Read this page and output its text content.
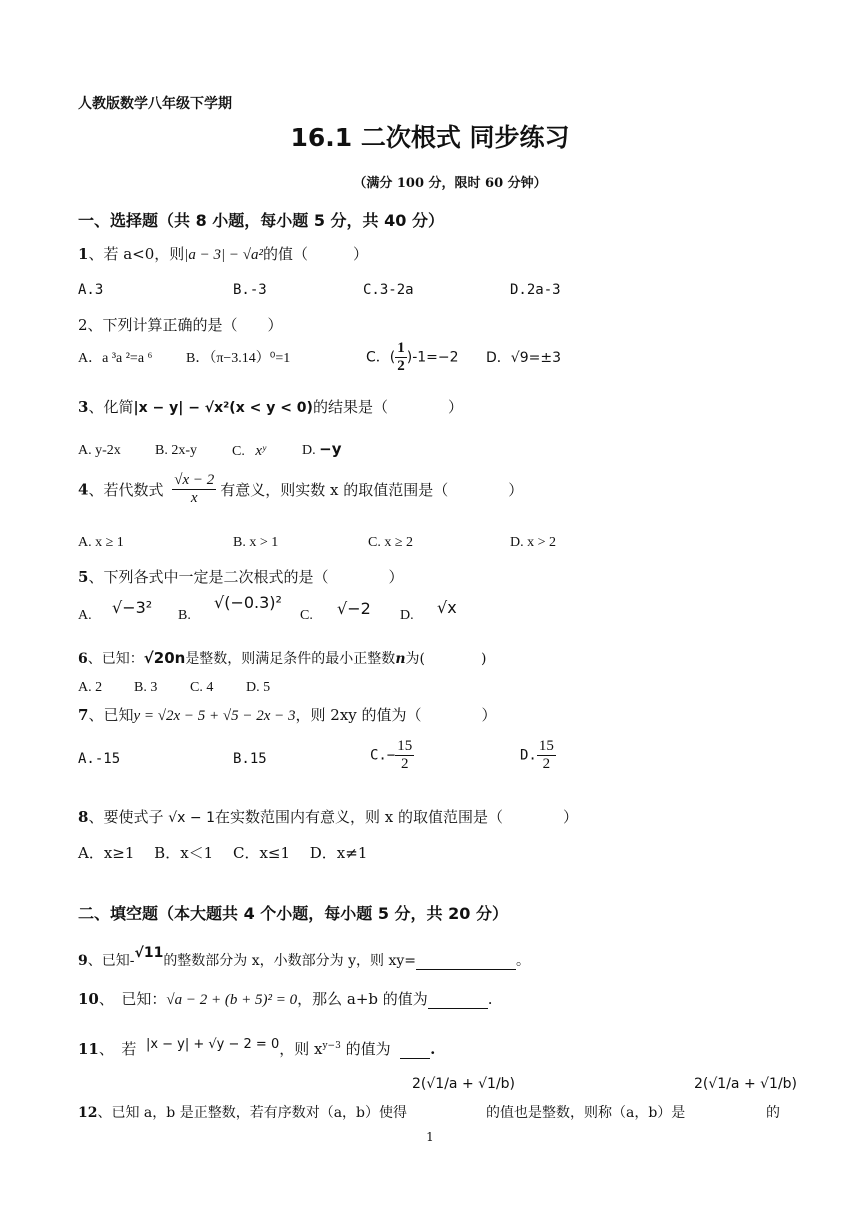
人教版数学八年级下学期
16.1 二次根式 同步练习
（满分 100 分，限时 60 分钟）
一、选择题（共 8 小题，每小题 5 分，共 40 分）
1、若 a<0，则|a − 3| − √a²的值（　　　）
A.3	B.-3	C.3-2a	D.2a-3
2、下列计算正确的是（　　）
A．a ³a ²=a ⁶ B．（π−3.14）⁰=1	C．( $\frac{1}{2} )-1=-2$ D．√9=±3
3、化简|x − y| − √x²(x < y < 0)的结果是（　　　　）
A. y-2x B. 2x-y	C. xʸ	D. −y
4、若代数式 $\frac{√x - 2}{x}$ 有意义，则实数 x 的取值范围是（　　　　）
A. x ≥ 1	B. x > 1	C. x ≥ 2	D. x > 2
5、下列各式中一定是二次根式的是（　　　　）
A. √−3² B.
√(−0.3)²
C. √−2 D. √x
6、已知：√20n是整数，则满足条件的最小正整数n为(　　　　)
A. 2 B. 3 C. 4 D. 5
7、已知y = √2x − 5 + √5 − 2x − 3，则 2xy 的值为（　　　　）
A.-15	B.15	$C.- \frac{15}{2}$	D. $\frac{15}{2}$
8、要使式子 √x − 1在实数范围内有意义，则 x 的取值范围是（　　　　）
A．x≥1　 B．x＜1　 C．x≤1　 D．x≠1
二、填空题（本大题共 4 个小题，每小题 5 分，共 20 分）
9、已知-√11的整数部分为 x，小数部分为 y，则 xy=	。
10、　已知：√a − 2 + (b + 5)² = 0，那么 a+b 的值为	.
11、　若 |x − y| + √y − 2 = 0，则 $x^{y-3}$ 的值为	.
12、已知 a，b 是正整数，若有序数对（a，b）使得
2(√1/a + √1/b)
的值也是整数，则称（a，b）是
2(√1/a + √1/b)
的
1
